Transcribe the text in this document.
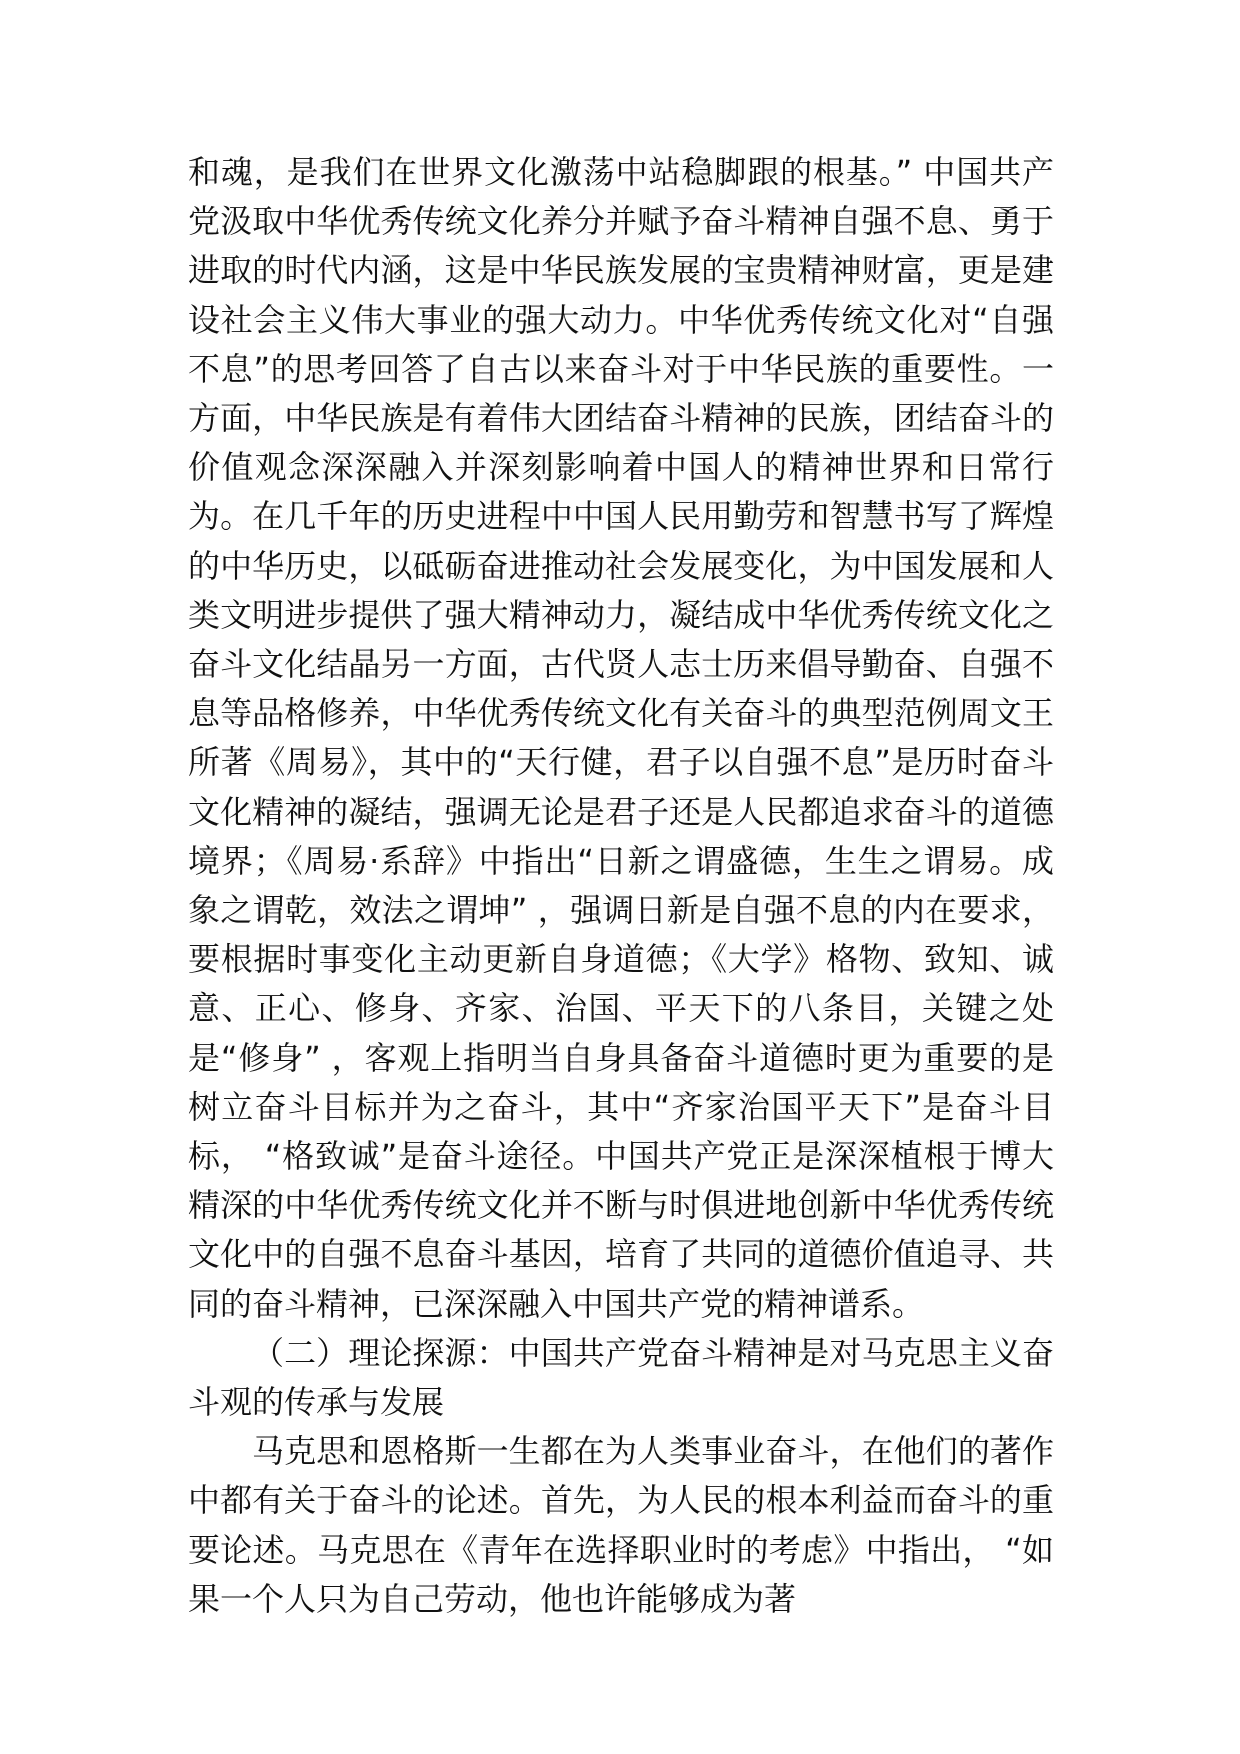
和魂，是我们在世界文化激荡中站稳脚跟的根基。” 中国共产党汲取中华优秀传统文化养分并赋予奋斗精神自强不息、勇于进取的时代内涵，这是中华民族发展的宝贵精神财富，更是建设社会主义伟大事业的强大动力。中华优秀传统文化对“自强不息”的思考回答了自古以来奋斗对于中华民族的重要性。一方面，中华民族是有着伟大团结奋斗精神的民族，团结奋斗的价值观念深深融入并深刻影响着中国人的精神世界和日常行为。在几千年的历史进程中中国人民用勤劳和智慧书写了辉煌的中华历史，以砥砺奋进推动社会发展变化，为中国发展和人类文明进步提供了强大精神动力，凝结成中华优秀传统文化之奋斗文化结晶另一方面，古代贤人志士历来倡导勤奋、自强不息等品格修养，中华优秀传统文化有关奋斗的典型范例周文王所著《周易》，其中的“天行健，君子以自强不息”是历时奋斗文化精神的凝结，强调无论是君子还是人民都追求奋斗的道德境界；《周易·系辞》中指出“日新之谓盛德，生生之谓易。成象之谓乾，效法之谓坤” ，强调日新是自强不息的内在要求，要根据时事变化主动更新自身道德；《大学》格物、致知、诚意、正心、修身、齐家、治国、平天下的八条目，关键之处是“修身” ，客观上指明当自身具备奋斗道德时更为重要的是树立奋斗目标并为之奋斗，其中“齐家治国平天下”是奋斗目标， “格致诚”是奋斗途径。中国共产党正是深深植根于博大精深的中华优秀传统文化并不断与时俱进地创新中华优秀传统文化中的自强不息奋斗基因，培育了共同的道德价值追寻、共同的奋斗精神，已深深融入中国共产党的精神谱系。

（二）理论探源：中国共产党奋斗精神是对马克思主义奋斗观的传承与发展

马克思和恩格斯一生都在为人类事业奋斗，在他们的著作中都有关于奋斗的论述。首先，为人民的根本利益而奋斗的重要论述。马克思在《青年在选择职业时的考虑》中指出， “如果一个人只为自己劳动，他也许能够成为著
